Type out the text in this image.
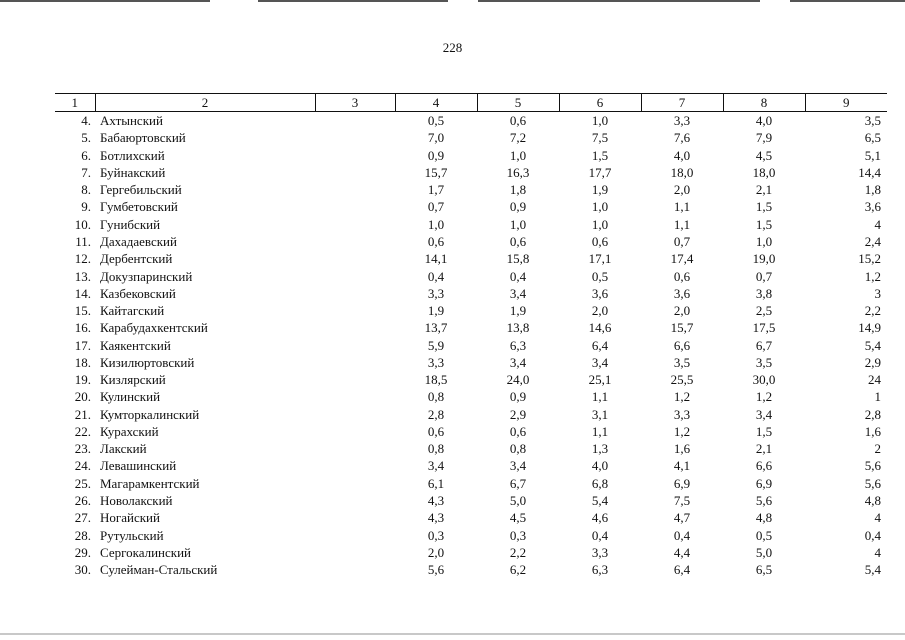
228
1	2	3	4	5	6	7	8	9
4.	Ахтынский		0,5	0,6	1,0	3,3	4,0	3,5
5.	Бабаюртовский		7,0	7,2	7,5	7,6	7,9	6,5
6.	Ботлихский		0,9	1,0	1,5	4,0	4,5	5,1
7.	Буйнакский		15,7	16,3	17,7	18,0	18,0	14,4
8.	Гергебильский		1,7	1,8	1,9	2,0	2,1	1,8
9.	Гумбетовский		0,7	0,9	1,0	1,1	1,5	3,6
10.	Гунибский		1,0	1,0	1,0	1,1	1,5	4
11.	Дахадаевский		0,6	0,6	0,6	0,7	1,0	2,4
12.	Дербентский		14,1	15,8	17,1	17,4	19,0	15,2
13.	Докузпаринский		0,4	0,4	0,5	0,6	0,7	1,2
14.	Казбековский		3,3	3,4	3,6	3,6	3,8	3
15.	Кайтагский		1,9	1,9	2,0	2,0	2,5	2,2
16.	Карабудахкентский		13,7	13,8	14,6	15,7	17,5	14,9
17.	Каякентский		5,9	6,3	6,4	6,6	6,7	5,4
18.	Кизилюртовский		3,3	3,4	3,4	3,5	3,5	2,9
19.	Кизлярский		18,5	24,0	25,1	25,5	30,0	24
20.	Кулинский		0,8	0,9	1,1	1,2	1,2	1
21.	Кумторкалинский		2,8	2,9	3,1	3,3	3,4	2,8
22.	Курахский		0,6	0,6	1,1	1,2	1,5	1,6
23.	Лакский		0,8	0,8	1,3	1,6	2,1	2
24.	Левашинский		3,4	3,4	4,0	4,1	6,6	5,6
25.	Магарамкентский		6,1	6,7	6,8	6,9	6,9	5,6
26.	Новолакский		4,3	5,0	5,4	7,5	5,6	4,8
27.	Ногайский		4,3	4,5	4,6	4,7	4,8	4
28.	Рутульский		0,3	0,3	0,4	0,4	0,5	0,4
29.	Сергокалинский		2,0	2,2	3,3	4,4	5,0	4
30.	Сулейман-Стальский		5,6	6,2	6,3	6,4	6,5	5,4
